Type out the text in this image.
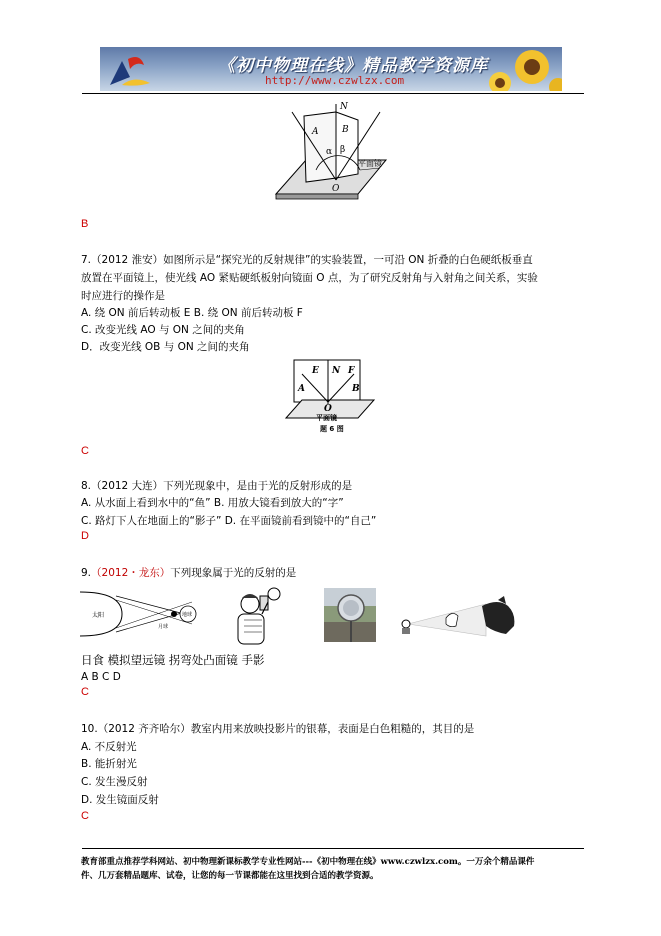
《初中物理在线》精品教学资源库
http://www.czwlzx.com
N
A	B
α β
O
平面镜
B
7.（2012 淮安）如图所示是“探究光的反射规律”的实验装置，一可沿 ON 折叠的白色硬纸板垂直
放置在平面镜上，使光线 AO 紧贴硬纸板射向镜面 O 点，为了研究反射角与入射角之间关系，实验
时应进行的操作是
A. 绕 ON 前后转动板 E B. 绕 ON 前后转动板 F
C. 改变光线 AO 与 ON 之间的夹角
D．改变光线 OB 与 ON 之间的夹角
E N F
A
O
B
平面镜
题 6 图
C
8.（2012 大连）下列光现象中，是由于光的反射形成的是
A. 从水面上看到水中的“鱼” B. 用放大镜看到放大的“字”
C. 路灯下人在地面上的“影子” D. 在平面镜前看到镜中的“自己”
D
9.（2012・龙东）下列现象属于光的反射的是
太阳
月球
地球
日食 模拟望远镜 拐弯处凸面镜 手影
A B C D
C
10.（2012 齐齐哈尔）教室内用来放映投影片的银幕，表面是白色粗糙的，其目的是
A. 不反射光
B. 能折射光
C. 发生漫反射
D. 发生镜面反射
C
教育部重点推荐学科网站、初中物理新课标教学专业性网站---《初中物理在线》www.czwlzx.com。一万余个精品课件
件、几万套精品题库、试卷，让您的每一节课都能在这里找到合适的教学资源。
